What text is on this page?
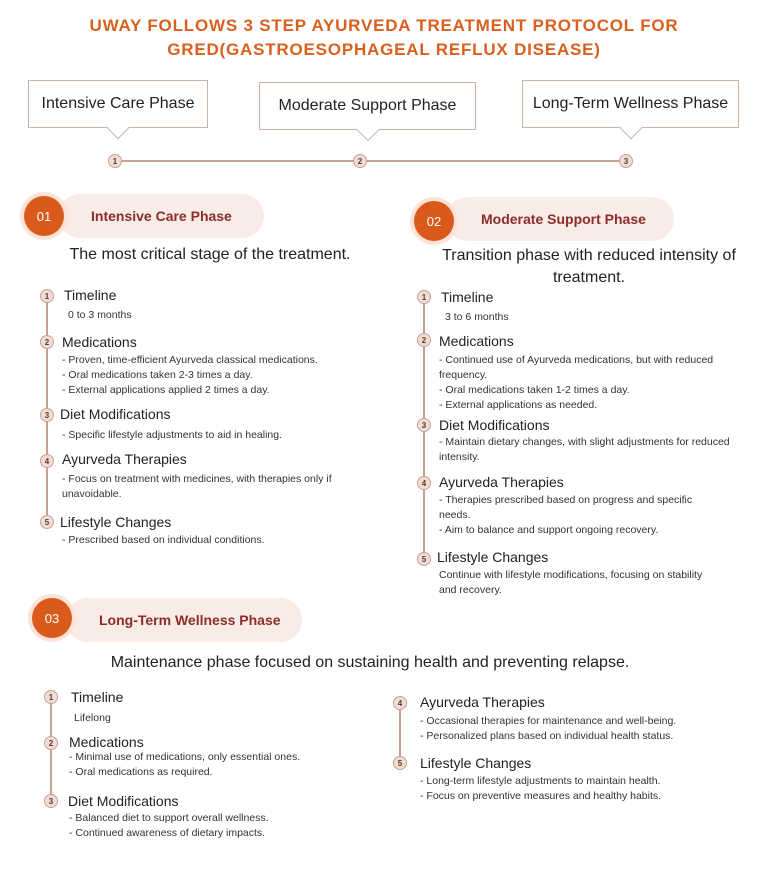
UWAY FOLLOWS 3 STEP AYURVEDA TREATMENT PROTOCOL FOR
GRED(GASTROESOPHAGEAL REFLUX DISEASE)
Intensive Care Phase	Moderate Support Phase	Long-Term Wellness Phase
1	2	3
Intensive Care Phase
01
The most critical stage of the treatment.
1	Timeline
0 to 3 months
2 Medications
- Proven, time-efficient Ayurveda classical medications.
- Oral medications taken 2-3 times a day.
- External applications applied 2 times a day.
3 Diet Modifications
- Specific lifestyle adjustments to aid in healing.
4 Ayurveda Therapies
- Focus on treatment with medicines, with therapies only if
unavoidable.
5 Lifestyle Changes
- Prescribed based on individual conditions.
Moderate Support Phase
02
Transition phase with reduced intensity of
treatment.
1	Timeline
3 to 6 months
2 Medications
- Continued use of Ayurveda medications, but with reduced
frequency.
- Oral medications taken 1-2 times a day.
- External applications as needed.
3 Diet Modifications
- Maintain dietary changes, with slight adjustments for reduced
intensity.
4 Ayurveda Therapies
- Therapies prescribed based on progress and specific
needs.
- Aim to balance and support ongoing recovery.
5 Lifestyle Changes
Continue with lifestyle modifications, focusing on stability
and recovery.
Long-Term Wellness Phase
03
Maintenance phase focused on sustaining health and preventing relapse.
1	Timeline
Lifelong
2	Medications
- Minimal use of medications, only essential ones.
- Oral medications as required.
3	Diet Modifications
- Balanced diet to support overall wellness.
- Continued awareness of dietary impacts.
4	Ayurveda Therapies
- Occasional therapies for maintenance and well-being.
- Personalized plans based on individual health status.
5	Lifestyle Changes
- Long-term lifestyle adjustments to maintain health.
- Focus on preventive measures and healthy habits.
